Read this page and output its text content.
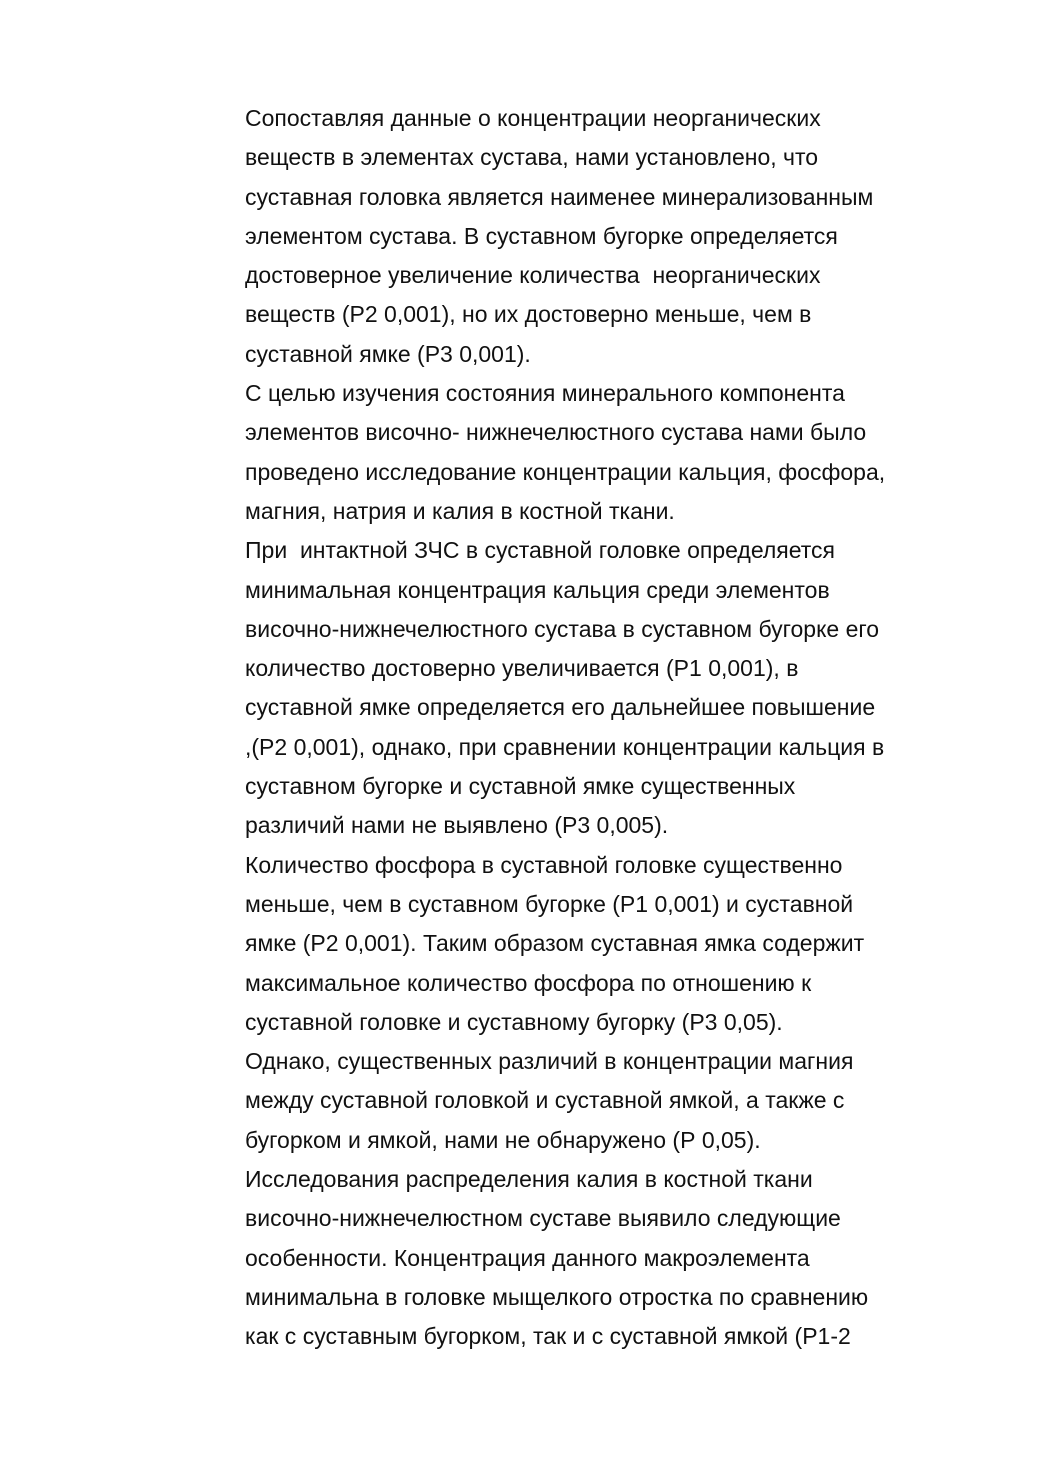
Сопоставляя данные о концентрации неорганических
веществ в элементах сустава, нами установлено, что
суставная головка является наименее минерализованным
элементом сустава. В суставном бугорке определяется
достоверное увеличение количества  неорганических
веществ (Р2 0,001), но их достоверно меньше, чем в
суставной ямке (Р3 0,001).
С целью изучения состояния минерального компонента
элементов височно- нижнечелюстного сустава нами было
проведено исследование концентрации кальция, фосфора,
магния, натрия и калия в костной ткани.
При  интактной ЗЧС в суставной головке определяется
минимальная концентрация кальция среди элементов
височно-нижнечелюстного сустава в суставном бугорке его
количество достоверно увеличивается (Р1 0,001), в
суставной ямке определяется его дальнейшее повышение
,(Р2 0,001), однако, при сравнении концентрации кальция в
суставном бугорке и суставной ямке существенных
различий нами не выявлено (Р3 0,005).
Количество фосфора в суставной головке существенно
меньше, чем в суставном бугорке (Р1 0,001) и суставной
ямке (Р2 0,001). Таким образом суставная ямка содержит
максимальное количество фосфора по отношению к
суставной головке и суставному бугорку (Р3 0,05).
Однако, существенных различий в концентрации магния
между суставной головкой и суставной ямкой, а также с
бугорком и ямкой, нами не обнаружено (Р 0,05).
Исследования распределения калия в костной ткани
височно-нижнечелюстном суставе выявило следующие
особенности. Концентрация данного макроэлемента
минимальна в головке мыщелкого отростка по сравнению
как с суставным бугорком, так и с суставной ямкой (Р1-2
